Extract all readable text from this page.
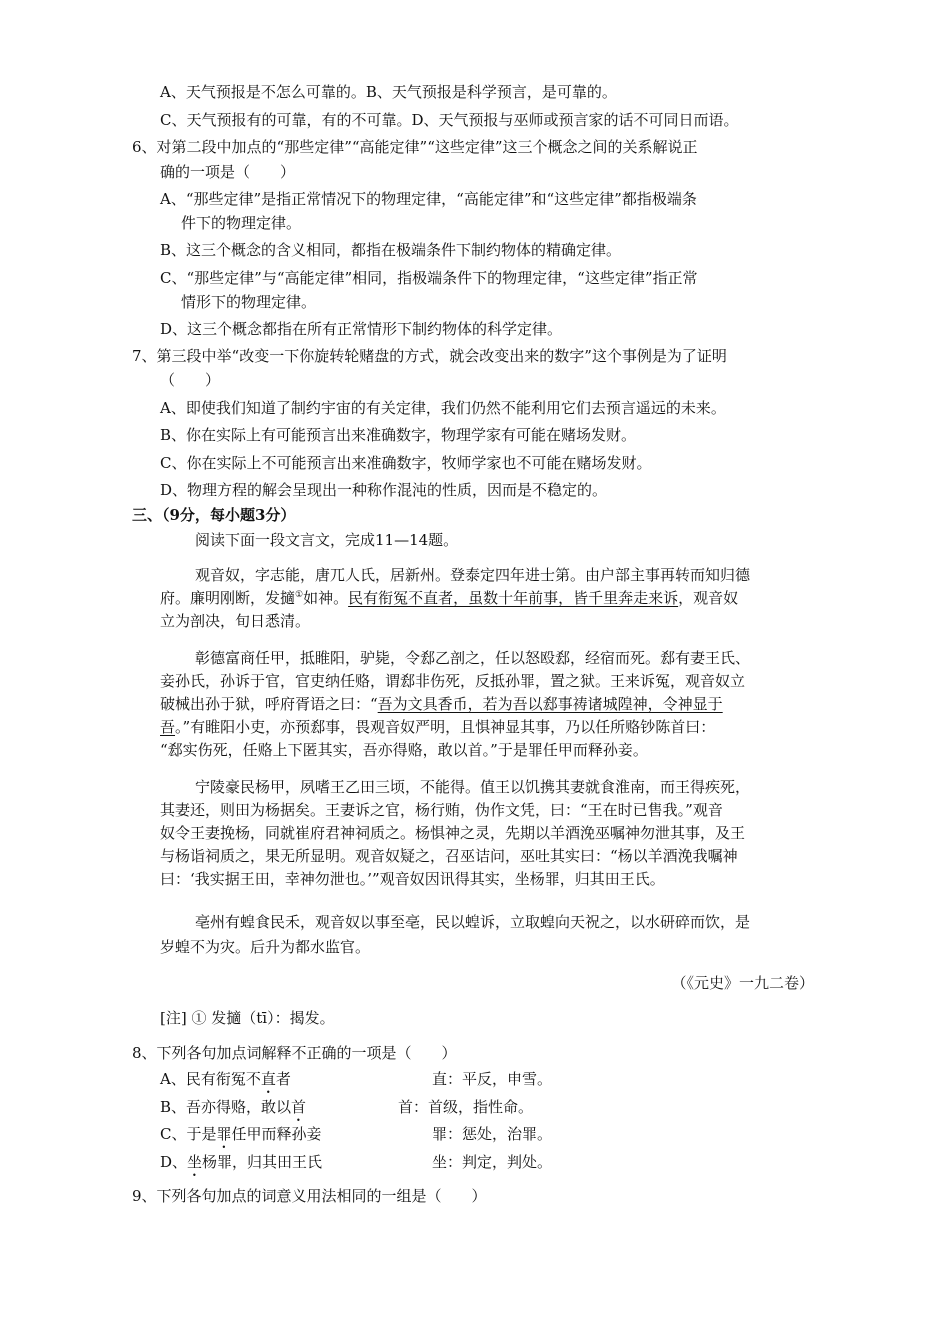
A、天气预报是不怎么可靠的。B、天气预报是科学预言，是可靠的。
C、天气预报有的可靠，有的不可靠。D、天气预报与巫师或预言家的话不可同日而语。
6、对第二段中加点的“那些定律”“高能定律”“这些定律”这三个概念之间的关系解说正
确的一项是（　　）
A、“那些定律”是指正常情况下的物理定律，“高能定律”和“这些定律”都指极端条
件下的物理定律。
B、这三个概念的含义相同，都指在极端条件下制约物体的精确定律。
C、“那些定律”与“高能定律”相同，指极端条件下的物理定律，“这些定律”指正常
情形下的物理定律。
D、这三个概念都指在所有正常情形下制约物体的科学定律。
7、第三段中举“改变一下你旋转轮赌盘的方式，就会改变出来的数字”这个事例是为了证明
（　　）
A、即使我们知道了制约宇宙的有关定律，我们仍然不能利用它们去预言遥远的未来。
B、你在实际上有可能预言出来准确数字，物理学家有可能在赌场发财。
C、你在实际上不可能预言出来准确数字，牧师学家也不可能在赌场发财。
D、物理方程的解会呈现出一种称作混沌的性质，因而是不稳定的。
三、（9分，每小题3分）
阅读下面一段文言文，完成11—14题。
观音奴，字志能，唐兀人氏，居新州。登泰定四年进士第。由户部主事再转而知归德
府。廉明刚断，发擿①如神。民有衔冤不直者，虽数十年前事，皆千里奔走来诉，观音奴
立为剖决，旬日悉清。
彰德富商任甲，抵睢阳，驴毙，令郄乙剖之，任以怒殴郄，经宿而死。郄有妻王氏、
妾孙氏，孙诉于官，官吏纳任赂，谓郄非伤死，反抵孙罪，置之狱。王来诉冤，观音奴立
破械出孙于狱，呼府胥语之曰：“吾为文具香币，若为吾以郄事祷诸城隍神，令神显于
吾。”有睢阳小吏，亦预郄事，畏观音奴严明，且惧神显其事，乃以任所赂钞陈首曰：
“郄实伤死，任赂上下匿其实，吾亦得赂，敢以首。”于是罪任甲而释孙妾。
宁陵豪民杨甲，夙嗜王乙田三顷，不能得。值王以饥携其妻就食淮南，而王得疾死，
其妻还，则田为杨据矣。王妻诉之官，杨行贿，伪作文凭，曰：“王在时已售我。”观音
奴令王妻挽杨，同就崔府君神祠质之。杨惧神之灵，先期以羊酒浼巫嘱神勿泄其事，及王
与杨诣祠质之，果无所显明。观音奴疑之，召巫诘问，巫吐其实曰：“杨以羊酒浼我嘱神
曰：‘我实据王田，幸神勿泄也。’”观音奴因讯得其实，坐杨罪，归其田王氏。
亳州有蝗食民禾，观音奴以事至亳，民以蝗诉，立取蝗向天祝之，以水研碎而饮，是
岁蝗不为灾。后升为都水监官。
（《元史》一九二卷）
[注] ① 发擿（tī）：揭发。
8、下列各句加点词解释不正确的一项是（　　）
A、民有衔冤不直者	直：平反，申雪。
B、吾亦得赂，敢以首	首：首级，指性命。
C、于是罪任甲而释孙妾	罪：惩处，治罪。
D、坐杨罪，归其田王氏	坐：判定，判处。
9、下列各句加点的词意义用法相同的一组是（　　）
